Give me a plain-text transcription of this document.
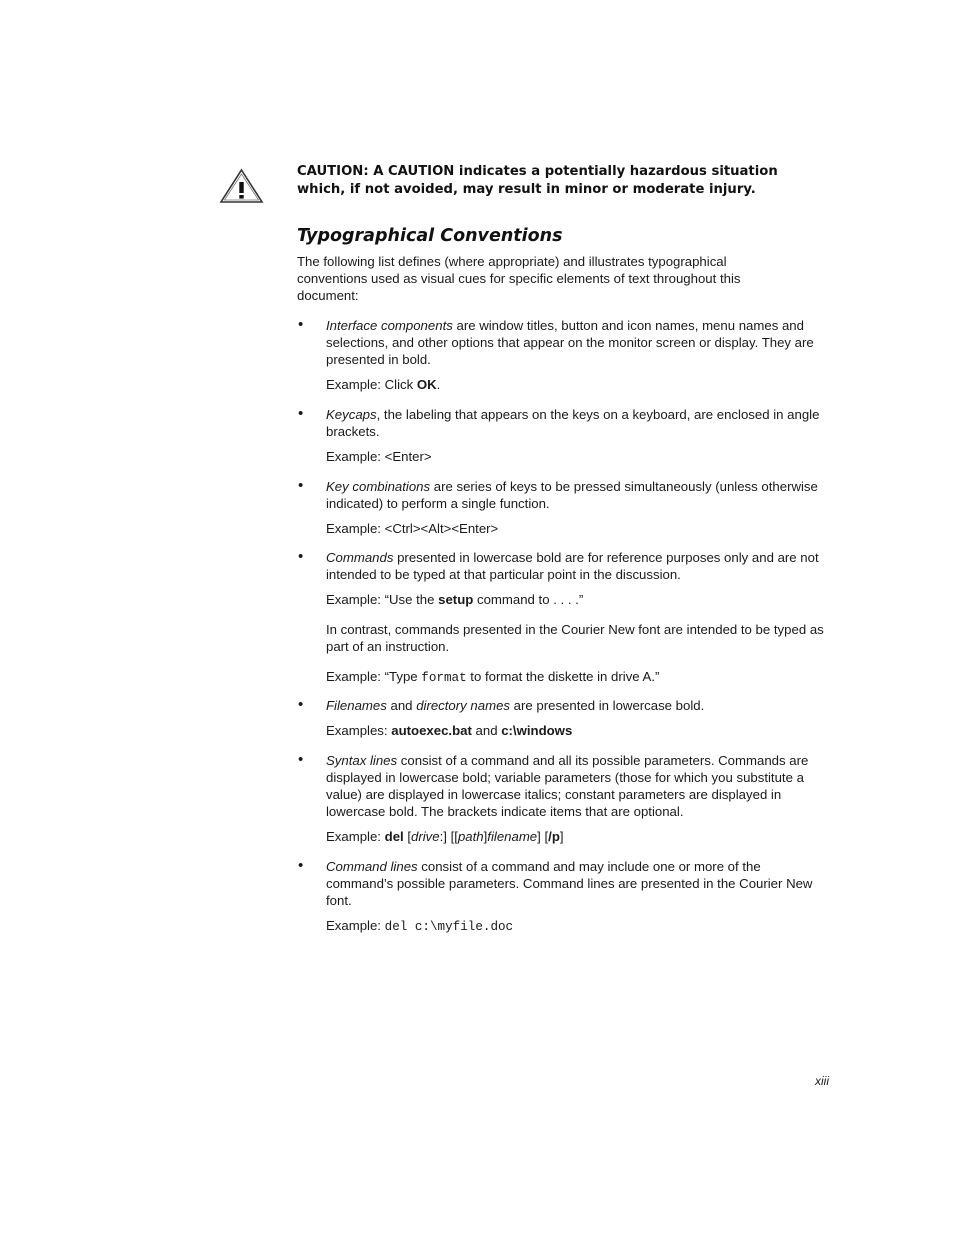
CAUTION: A CAUTION indicates a potentially hazardous situation which, if not avoided, may result in minor or moderate injury.
Typographical Conventions

The following list defines (where appropriate) and illustrates typographical conventions used as visual cues for specific elements of text throughout this document:

• Interface components are window titles, button and icon names, menu names and selections, and other options that appear on the monitor screen or display. They are presented in bold.

Example: Click OK.

• Keycaps, the labeling that appears on the keys on a keyboard, are enclosed in angle brackets.

Example: <Enter>

• Key combinations are series of keys to be pressed simultaneously (unless otherwise indicated) to perform a single function.

Example: <Ctrl><Alt><Enter>

• Commands presented in lowercase bold are for reference purposes only and are not intended to be typed at that particular point in the discussion.

Example: “Use the setup command to . . . .”

In contrast, commands presented in the Courier New font are intended to be typed as part of an instruction.

Example: “Type format to format the diskette in drive A.”

• Filenames and directory names are presented in lowercase bold.

Examples: autoexec.bat and c:\windows

• Syntax lines consist of a command and all its possible parameters. Commands are displayed in lowercase bold; variable parameters (those for which you substitute a value) are displayed in lowercase italics; constant parameters are displayed in lowercase bold. The brackets indicate items that are optional.

Example: del [drive:] [[path]filename] [/p]

• Command lines consist of a command and may include one or more of the command’s possible parameters. Command lines are presented in the Courier New font.

Example: del c:\myfile.doc

xiii
